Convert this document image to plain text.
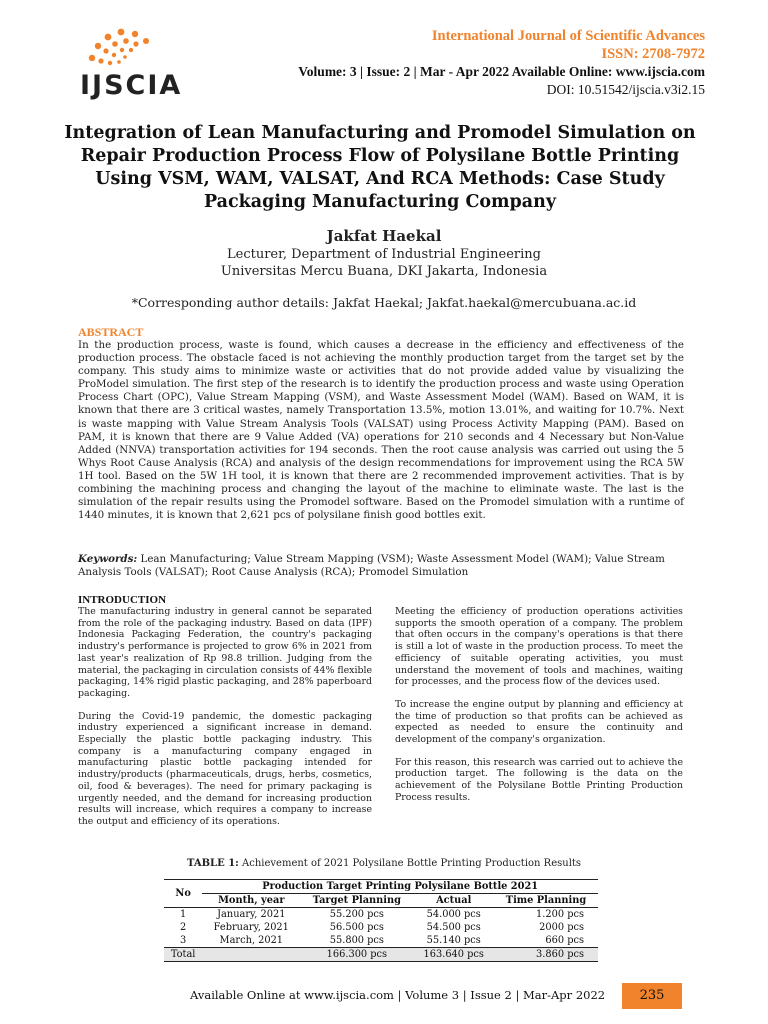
IJSCIA
International Journal of Scientific Advances
ISSN: 2708-7972
Volume: 3 | Issue: 2 | Mar - Apr 2022 Available Online: www.ijscia.com
DOI: 10.51542/ijscia.v3i2.15
Integration of Lean Manufacturing and Promodel Simulation on Repair Production Process Flow of Polysilane Bottle Printing Using VSM, WAM, VALSAT, And RCA Methods: Case Study Packaging Manufacturing Company
Jakfat Haekal
Lecturer, Department of Industrial Engineering
Universitas Mercu Buana, DKI Jakarta, Indonesia
*Corresponding author details: Jakfat Haekal; Jakfat.haekal@mercubuana.ac.id
ABSTRACT
In the production process, waste is found, which causes a decrease in the efficiency and effectiveness of the production process. The obstacle faced is not achieving the monthly production target from the target set by the company. This study aims to minimize waste or activities that do not provide added value by visualizing the ProModel simulation. The first step of the research is to identify the production process and waste using Operation Process Chart (OPC), Value Stream Mapping (VSM), and Waste Assessment Model (WAM). Based on WAM, it is known that there are 3 critical wastes, namely Transportation 13.5%, motion 13.01%, and waiting for 10.7%. Next is waste mapping with Value Stream Analysis Tools (VALSAT) using Process Activity Mapping (PAM). Based on PAM, it is known that there are 9 Value Added (VA) operations for 210 seconds and 4 Necessary but Non-Value Added (NNVA) transportation activities for 194 seconds. Then the root cause analysis was carried out using the 5 Whys Root Cause Analysis (RCA) and analysis of the design recommendations for improvement using the RCA 5W 1H tool. Based on the 5W 1H tool, it is known that there are 2 recommended improvement activities. That is by combining the machining process and changing the layout of the machine to eliminate waste. The last is the simulation of the repair results using the Promodel software. Based on the Promodel simulation with a runtime of 1440 minutes, it is known that 2,621 pcs of polysilane finish good bottles exit.
Keywords: Lean Manufacturing; Value Stream Mapping (VSM); Waste Assessment Model (WAM); Value Stream Analysis Tools (VALSAT); Root Cause Analysis (RCA); Promodel Simulation
INTRODUCTION

The manufacturing industry in general cannot be separated from the role of the packaging industry. Based on data (IPF) Indonesia Packaging Federation, the country's packaging industry's performance is projected to grow 6% in 2021 from last year's realization of Rp 98.8 trillion. Judging from the material, the packaging in circulation consists of 44% flexible packaging, 14% rigid plastic packaging, and 28% paperboard packaging.

During the Covid-19 pandemic, the domestic packaging industry experienced a significant increase in demand. Especially the plastic bottle packaging industry. This company is a manufacturing company engaged in manufacturing plastic bottle packaging intended for industry/products (pharmaceuticals, drugs, herbs, cosmetics, oil, food & beverages). The need for primary packaging is urgently needed, and the demand for increasing production results will increase, which requires a company to increase the output and efficiency of its operations.

Meeting the efficiency of production operations activities supports the smooth operation of a company. The problem that often occurs in the company's operations is that there is still a lot of waste in the production process. To meet the efficiency of suitable operating activities, you must understand the movement of tools and machines, waiting for processes, and the process flow of the devices used.

To increase the engine output by planning and efficiency at the time of production so that profits can be achieved as expected as needed to ensure the continuity and development of the company's organization.

For this reason, this research was carried out to achieve the production target. The following is the data on the achievement of the Polysilane Bottle Printing Production Process results.

TABLE 1: Achievement of 2021 Polysilane Bottle Printing Production Results
No	Production Target Printing Polysilane Bottle 2021			
	Month, year	Target Planning	Actual	Time Planning
1	January, 2021	55.200 pcs	54.000 pcs	1.200 pcs
2	February, 2021	56.500 pcs	54.500 pcs	2000 pcs
3	March, 2021	55.800 pcs	55.140 pcs	660 pcs
Total		166.300 pcs	163.640 pcs	3.860 pcs
Available Online at www.ijscia.com | Volume 3 | Issue 2 | Mar-Apr 2022	235
